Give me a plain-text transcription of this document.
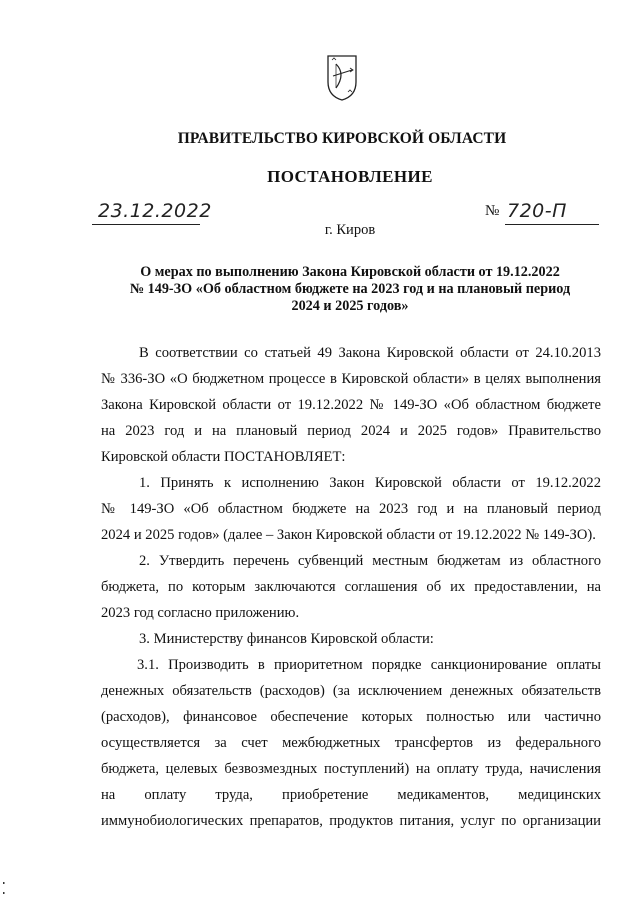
ПРАВИТЕЛЬСТВО КИРОВСКОЙ ОБЛАСТИ
ПОСТАНОВЛЕНИЕ
23.12.2022	№ 720-П
г. Киров
О мерах по выполнению Закона Кировской области от 19.12.2022
№ 149-ЗО «Об областном бюджете на 2023 год и на плановый период
2024 и 2025 годов»
В соответствии со статьей 49 Закона Кировской области от 24.10.2013
№ 336-ЗО «О бюджетном процессе в Кировской области» в целях выполнения
Закона Кировской области от 19.12.2022 № 149-ЗО «Об областном бюджете
на 2023 год и на плановый период 2024 и 2025 годов» Правительство
Кировской области ПОСТАНОВЛЯЕТ:
1. Принять к исполнению Закон Кировской области от 19.12.2022
№ 149-ЗО «Об областном бюджете на 2023 год и на плановый период
2024 и 2025 годов» (далее – Закон Кировской области от 19.12.2022 № 149-ЗО).
2. Утвердить перечень субвенций местным бюджетам из областного
бюджета, по которым заключаются соглашения об их предоставлении, на
2023 год согласно приложению.
3. Министерству финансов Кировской области:
3.1. Производить в приоритетном порядке санкционирование оплаты
денежных обязательств (расходов) (за исключением денежных обязательств
(расходов), финансовое обеспечение которых полностью или частично
осуществляется за счет межбюджетных трансфертов из федерального
бюджета, целевых безвозмездных поступлений) на оплату труда, начисления
на оплату труда, приобретение медикаментов, медицинских
иммунобиологических препаратов, продуктов питания, услуг по организации
